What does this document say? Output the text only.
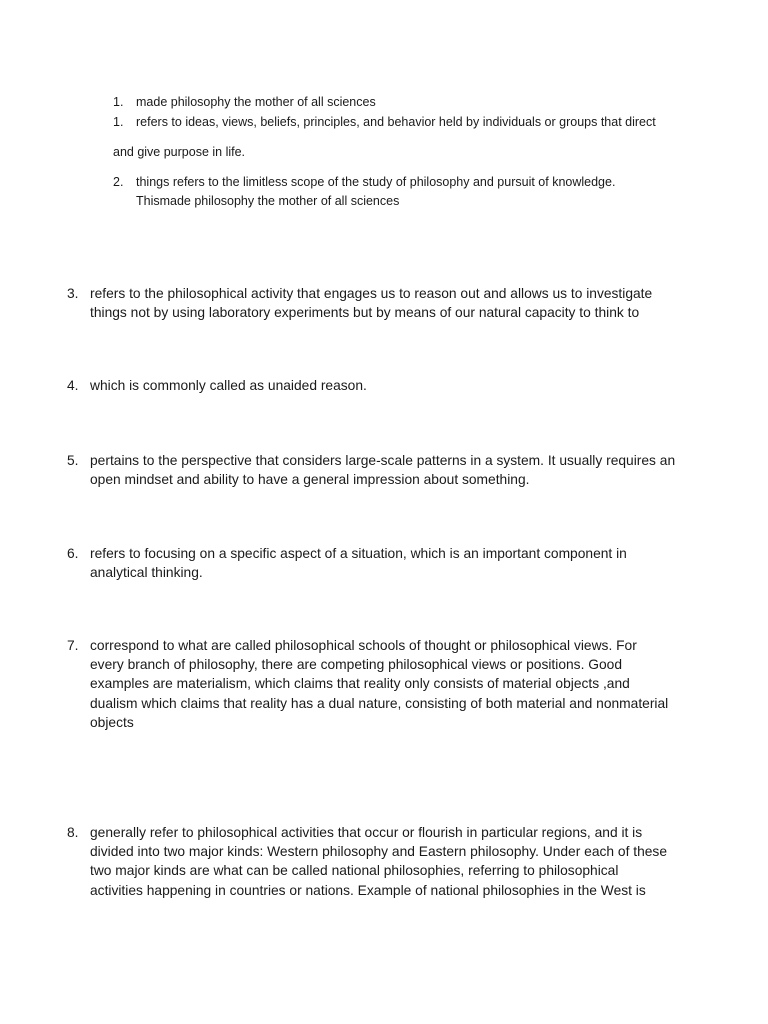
1. made philosophy the mother of all sciences
1. refers to ideas, views, beliefs, principles, and behavior held by individuals or groups that direct
and give purpose in life.
2. things refers to the limitless scope of the study of philosophy and pursuit of knowledge.
Thismade philosophy the mother of all sciences
3. refers to the philosophical activity that engages us to reason out and allows us to investigate
things not by using laboratory experiments but by means of our natural capacity to think to
4. which is commonly called as unaided reason.
5. pertains to the perspective that considers large-scale patterns in a system. It usually requires an
open mindset and ability to have a general impression about something.
6. refers to focusing on a specific aspect of a situation, which is an important component in
analytical thinking.
7. correspond to what are called philosophical schools of thought or philosophical views. For
every branch of philosophy, there are competing philosophical views or positions. Good
examples are materialism, which claims that reality only consists of material objects ,and
dualism which claims that reality has a dual nature, consisting of both material and nonmaterial
objects
8. generally refer to philosophical activities that occur or flourish in particular regions, and it is
divided into two major kinds: Western philosophy and Eastern philosophy. Under each of these
two major kinds are what can be called national philosophies, referring to philosophical
activities happening in countries or nations. Example of national philosophies in the West is
